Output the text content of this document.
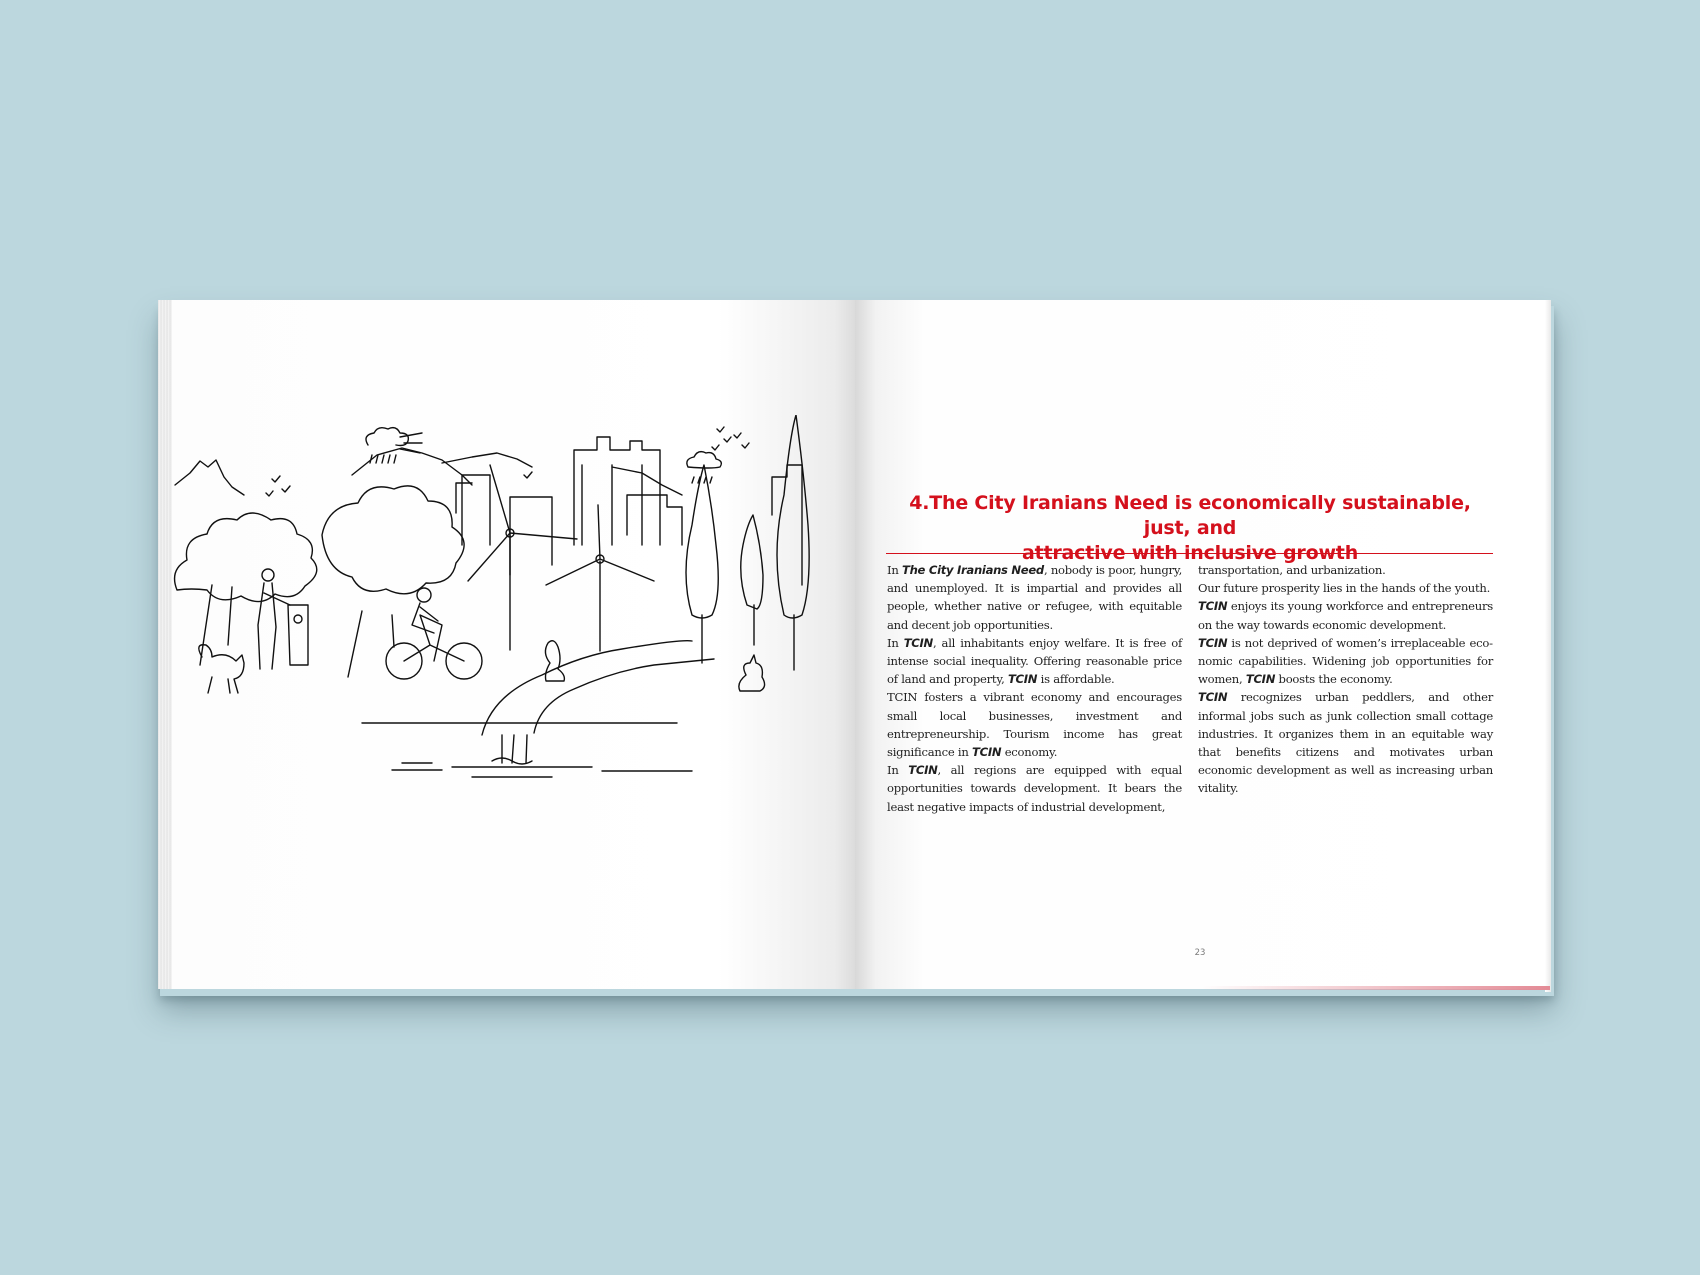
4.The City Iranians Need is economically sustainable, just, and
attractive with inclusive growth

In The City Iranians Need, nobody is poor, hungry, and unemployed. It is impartial and provides all people, whether native or refugee, with equitable and decent job opportunities.

In TCIN, all inhabitants enjoy welfare. It is free of intense social inequality. Offering reasonable price of land and property, TCIN is affordable.

TCIN fosters a vibrant economy and encourages small local businesses, investment and entrepreneurship. Tourism income has great significance in TCIN economy.

In TCIN, all regions are equipped with equal opportunities towards development. It bears the least negative impacts of industrial development,

transportation, and urbanization.

Our future prosperity lies in the hands of the youth.

TCIN enjoys its young workforce and entrepreneurs on the way towards economic development.

TCIN is not deprived of women’s irreplaceable economic capabilities. Widening job opportunities for women, TCIN boosts the economy.

TCIN recognizes urban peddlers, and other informal jobs such as junk collection small cottage industries. It organizes them in an equitable way that benefits citizens and motivates urban economic development as well as increasing urban vitality.

23
